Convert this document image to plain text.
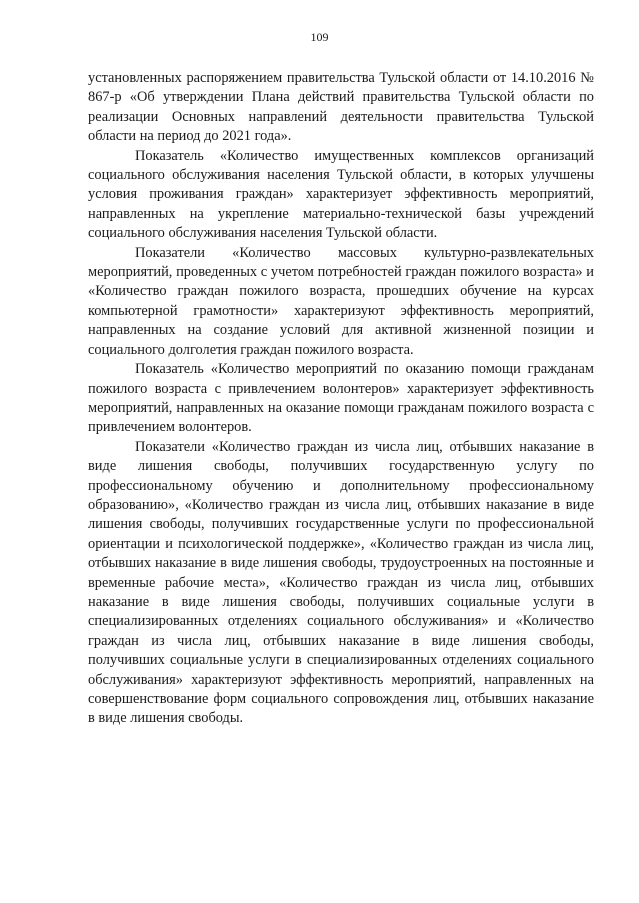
109

установленных распоряжением правительства Тульской области от 14.10.2016 № 867-р «Об утверждении Плана действий правительства Тульской области по реализации Основных направлений деятельности правительства Тульской области на период до 2021 года».

Показатель «Количество имущественных комплексов организаций социального обслуживания населения Тульской области, в которых улучшены условия проживания граждан» характеризует эффективность мероприятий, направленных на укрепление материально-технической базы учреждений социального обслуживания населения Тульской области.

Показатели «Количество массовых культурно-развлекательных мероприятий, проведенных с учетом потребностей граждан пожилого возраста» и «Количество граждан пожилого возраста, прошедших обучение на курсах компьютерной грамотности» характеризуют эффективность мероприятий, направленных на создание условий для активной жизненной позиции и социального долголетия граждан пожилого возраста.

Показатель «Количество мероприятий по оказанию помощи гражданам пожилого возраста с привлечением волонтеров» характеризует эффективность мероприятий, направленных на оказание помощи гражданам пожилого возраста с привлечением волонтеров.

Показатели «Количество граждан из числа лиц, отбывших наказание в виде лишения свободы, получивших государственную услугу по профессиональному обучению и дополнительному профессиональному образованию», «Количество граждан из числа лиц, отбывших наказание в виде лишения свободы, получивших государственные услуги по профессиональной ориентации и психологической поддержке», «Количество граждан из числа лиц, отбывших наказание в виде лишения свободы, трудоустроенных на постоянные и временные рабочие места», «Количество граждан из числа лиц, отбывших наказание в виде лишения свободы, получивших социальные услуги в специализированных отделениях социального обслуживания» и «Количество граждан из числа лиц, отбывших наказание в виде лишения свободы, получивших социальные услуги в специализированных отделениях социального обслуживания» характеризуют эффективность мероприятий, направленных на совершенствование форм социального сопровождения лиц, отбывших наказание в виде лишения свободы.
